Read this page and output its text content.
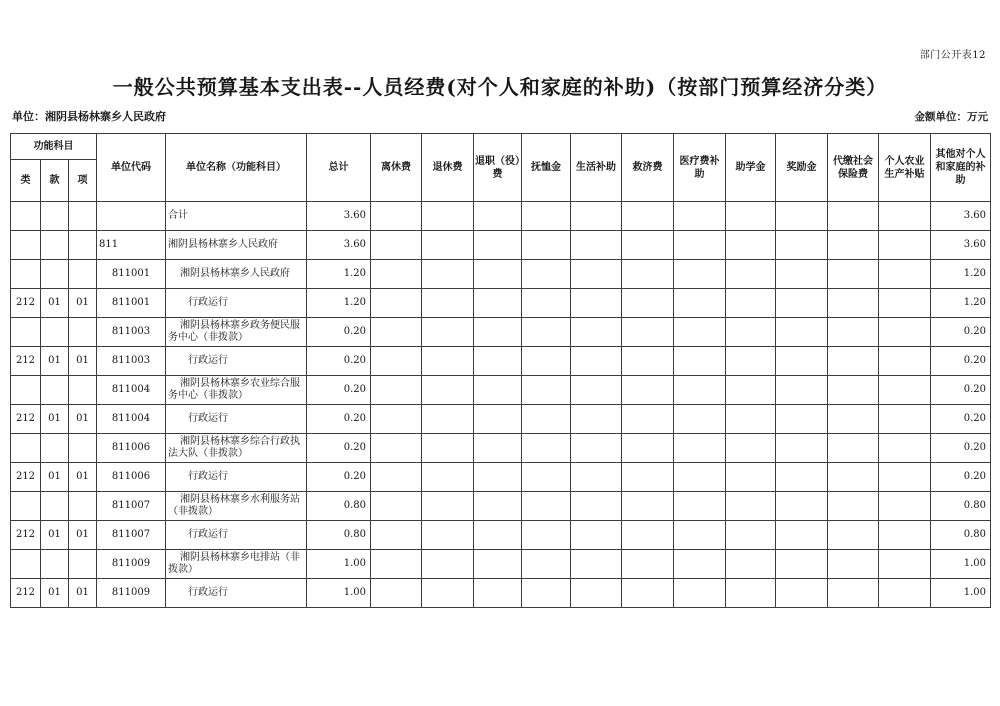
部门公开表12
一般公共预算基本支出表--人员经费(对个人和家庭的补助)（按部门预算经济分类）
单位：湘阴县杨林寨乡人民政府	金额单位：万元
功能科目			单位代码	单位名称（功能科目）	总计	离休费	退休费	退职（役）费	抚恤金	生活补助	救济费	医疗费补助	助学金	奖励金	代缴社会保险费	个人农业生产补贴	其他对个人和家庭的补助
类	款	项															
				合计	3.60												3.60
			811	湘阴县杨林寨乡人民政府	3.60												3.60
			811001	湘阴县杨林寨乡人民政府	1.20												1.20
212	01	01	811001	行政运行	1.20												1.20
			811003	湘阴县杨林寨乡政务便民服务中心（非拨款）	0.20												0.20
212	01	01	811003	行政运行	0.20												0.20
			811004	湘阴县杨林寨乡农业综合服务中心（非拨款）	0.20												0.20
212	01	01	811004	行政运行	0.20												0.20
			811006	湘阴县杨林寨乡综合行政执法大队（非拨款）	0.20												0.20
212	01	01	811006	行政运行	0.20												0.20
			811007	湘阴县杨林寨乡水利服务站（非拨款）	0.80												0.80
212	01	01	811007	行政运行	0.80												0.80
			811009	湘阴县杨林寨乡电排站（非拨款）	1.00												1.00
212	01	01	811009	行政运行	1.00												1.00
